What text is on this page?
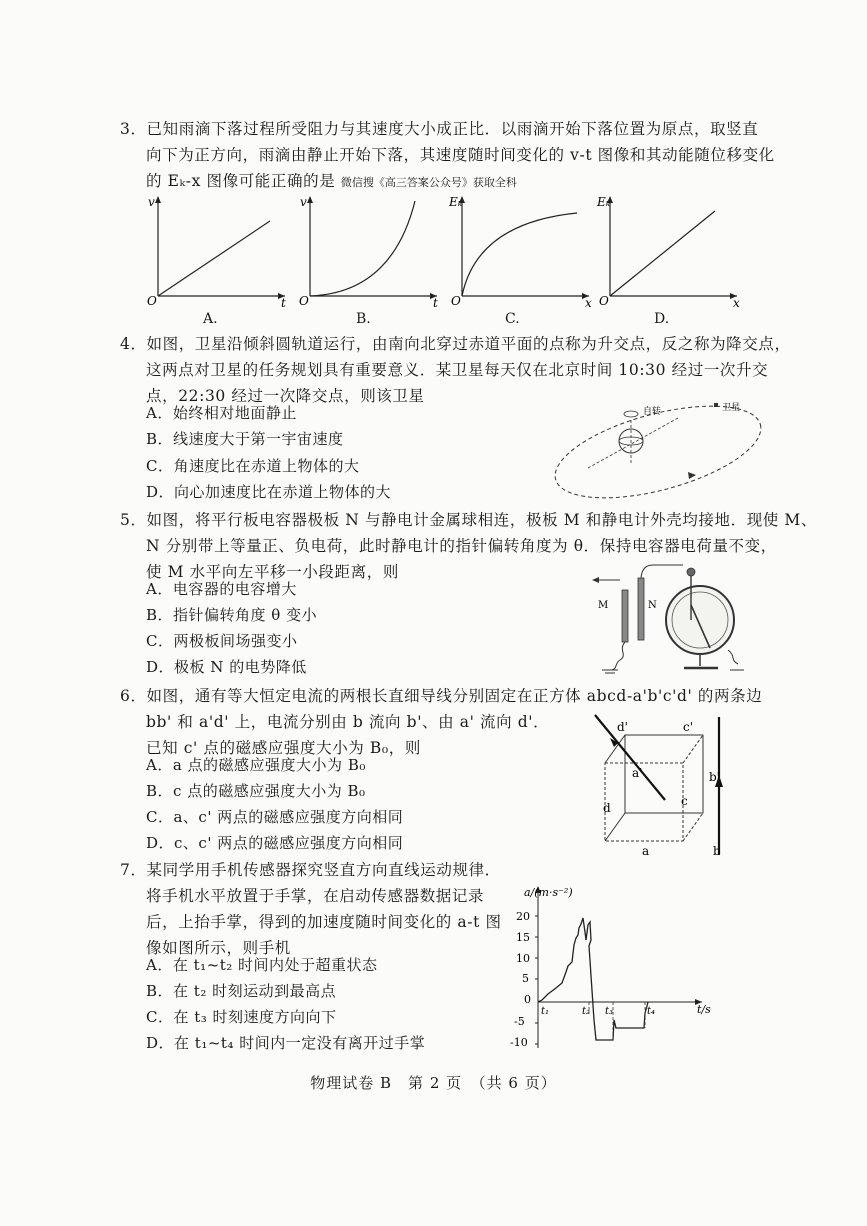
3．已知雨滴下落过程所受阻力与其速度大小成正比．以雨滴开始下落位置为原点，取竖直
向下为正方向，雨滴由静止开始下落，其速度随时间变化的 v-t 图像和其动能随位移变化
的 Eₖ-x 图像可能正确的是 微信搜《高三答案公众号》获取全科
v
t
O
A.
v
t
O
B.
Eₖ
x
O
C.
Eₖ
x
O
D.
4．如图，卫星沿倾斜圆轨道运行，由南向北穿过赤道平面的点称为升交点，反之称为降交点，
这两点对卫星的任务规划具有重要意义．某卫星每天仅在北京时间 10:30 经过一次升交
点，22:30 经过一次降交点，则该卫星
A．始终相对地面静止
B．线速度大于第一宇宙速度
C．角速度比在赤道上物体的大
D．向心加速度比在赤道上物体的大
自转	卫星
5．如图，将平行板电容器极板 N 与静电计金属球相连，极板 M 和静电计外壳均接地．现使 M、
N 分别带上等量正、负电荷，此时静电计的指针偏转角度为 θ．保持电容器电荷量不变，
使 M 水平向左平移一小段距离，则
A．电容器的电容增大
B．指针偏转角度 θ 变小
C．两极板间场强变小
D．极板 N 的电势降低
M	N
6．如图，通有等大恒定电流的两根长直细导线分别固定在正方体 abcd-a'b'c'd' 的两条边
bb' 和 a'd' 上，电流分别由 b 流向 b'、由 a' 流向 d'．
已知 c' 点的磁感应强度大小为 B₀，则
A．a 点的磁感应强度大小为 B₀
B．c 点的磁感应强度大小为 B₀
C．a、c' 两点的磁感应强度方向相同
D．c、c' 两点的磁感应强度方向相同
d'	c'
a'	b'
d	c
a	b
7．某同学用手机传感器探究竖直方向直线运动规律．
将手机水平放置于手掌，在启动传感器数据记录
后，上抬手掌，得到的加速度随时间变化的 a-t 图
像如图所示，则手机
A．在 t₁~t₂ 时间内处于超重状态
B．在 t₂ 时刻运动到最高点
C．在 t₃ 时刻速度方向向下
D．在 t₁~t₄ 时间内一定没有离开过手掌
a/(m·s⁻²)
t/s
20
15
10
5
0
-5
-10
t₁	t₂ t₃	t₄
物理试卷 B　第 2 页　（共 6 页）
